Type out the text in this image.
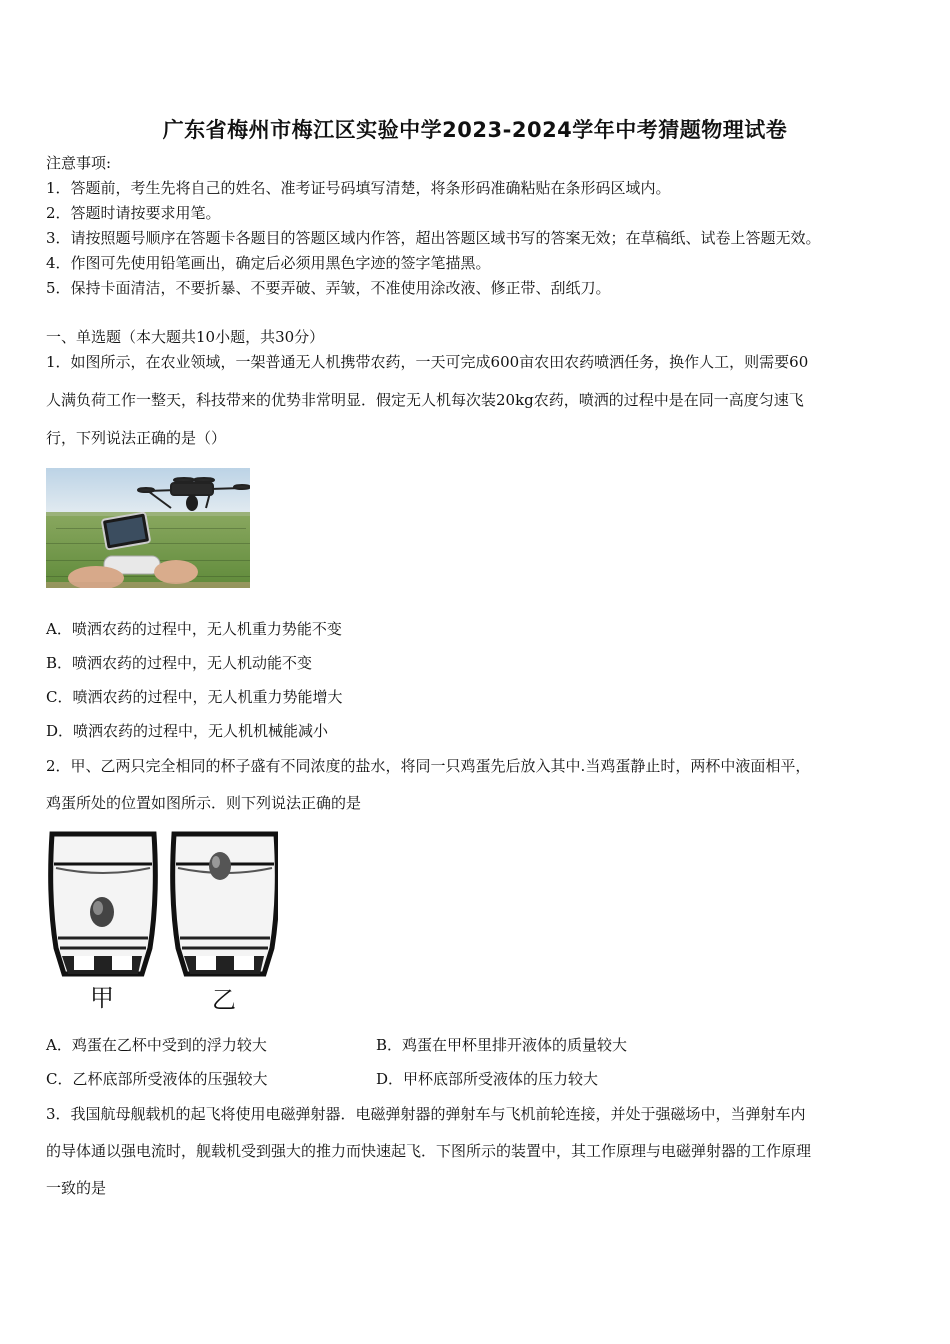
广东省梅州市梅江区实验中学2023-2024学年中考猜题物理试卷
注意事项:
1．答题前，考生先将自己的姓名、准考证号码填写清楚，将条形码准确粘贴在条形码区域内。
2．答题时请按要求用笔。
3．请按照题号顺序在答题卡各题目的答题区域内作答，超出答题区域书写的答案无效；在草稿纸、试卷上答题无效。
4．作图可先使用铅笔画出，确定后必须用黑色字迹的签字笔描黑。
5．保持卡面清洁，不要折暴、不要弄破、弄皱，不准使用涂改液、修正带、刮纸刀。
一、单选题（本大题共10小题，共30分）
1．如图所示，在农业领域，一架普通无人机携带农药，一天可完成600亩农田农药喷洒任务，换作人工，则需要60
人满负荷工作一整天，科技带来的优势非常明显．假定无人机每次装20kg农药，喷洒的过程中是在同一高度匀速飞
行，下列说法正确的是（）
A．喷洒农药的过程中，无人机重力势能不变
B．喷洒农药的过程中，无人机动能不变
C．喷洒农药的过程中，无人机重力势能增大
D．喷洒农药的过程中，无人机机械能减小
2．甲、乙两只完全相同的杯子盛有不同浓度的盐水，将同一只鸡蛋先后放入其中.当鸡蛋静止时，两杯中液面相平，
鸡蛋所处的位置如图所示．则下列说法正确的是
甲	乙
A．鸡蛋在乙杯中受到的浮力较大	B．鸡蛋在甲杯里排开液体的质量较大
C．乙杯底部所受液体的压强较大	D．甲杯底部所受液体的压力较大
3．我国航母舰载机的起飞将使用电磁弹射器．电磁弹射器的弹射车与飞机前轮连接，并处于强磁场中，当弹射车内
的导体通以强电流时，舰载机受到强大的推力而快速起飞．下图所示的装置中，其工作原理与电磁弹射器的工作原理
一致的是
